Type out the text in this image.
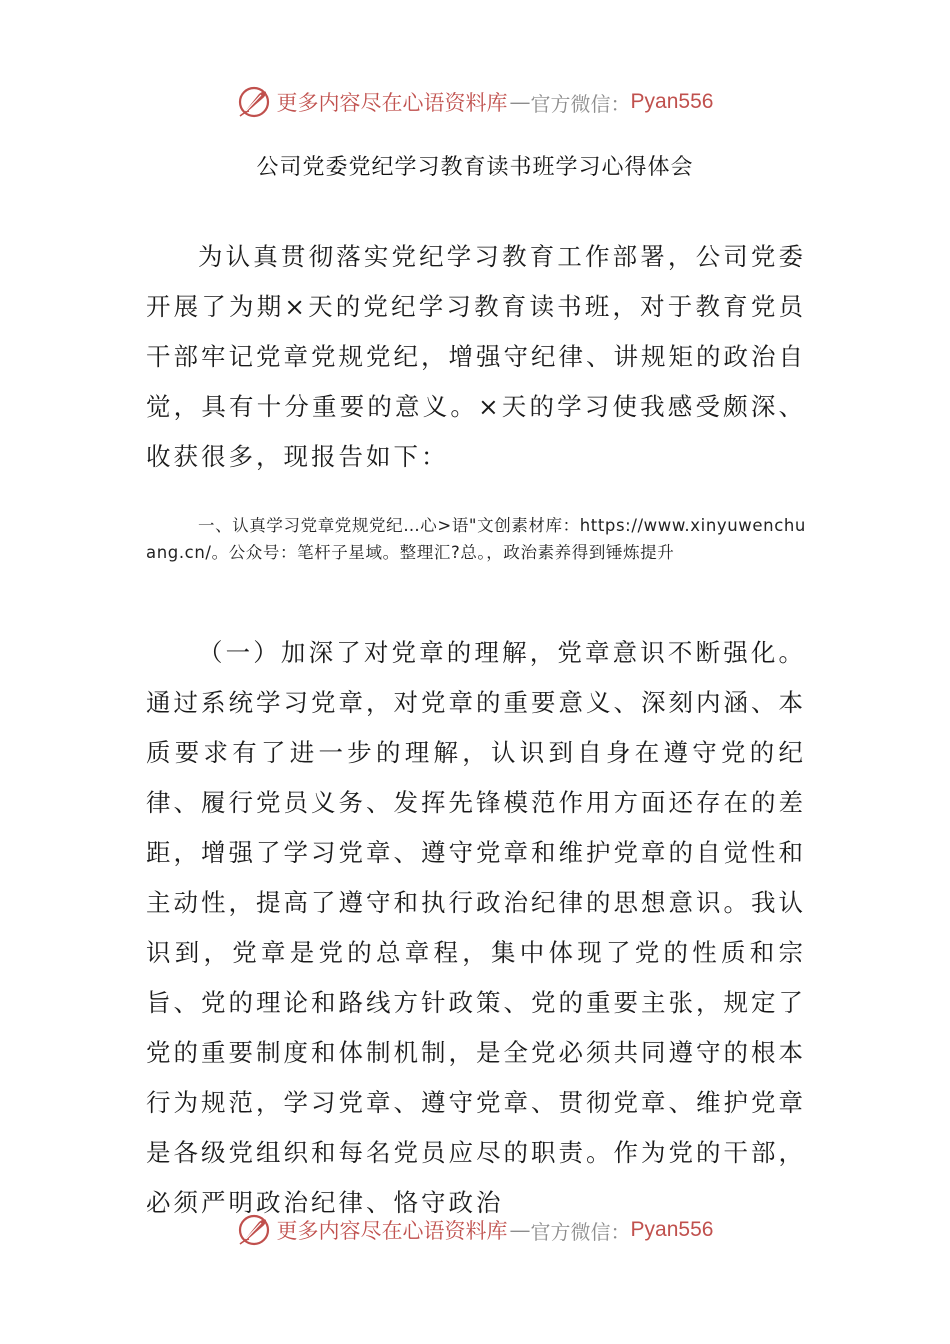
更多内容尽在心语资料库 — 官方微信： Pyan556
公司党委党纪学习教育读书班学习心得体会

为认真贯彻落实党纪学习教育工作部署，公司党委开展了为期×天的党纪学习教育读书班，对于教育党员干部牢记党章党规党纪，增强守纪律、讲规矩的政治自觉，具有十分重要的意义。×天的学习使我感受颇深、收获很多，现报告如下：

一、认真学习党章党规党纪…心>语"文创素材库：https://www.xinyuwenchuang.cn/。公众号：笔杆子星域。整理汇?总。，政治素养得到锤炼提升

（一）加深了对党章的理解，党章意识不断强化。通过系统学习党章，对党章的重要意义、深刻内涵、本质要求有了进一步的理解，认识到自身在遵守党的纪律、履行党员义务、发挥先锋模范作用方面还存在的差距，增强了学习党章、遵守党章和维护党章的自觉性和主动性，提高了遵守和执行政治纪律的思想意识。我认识到，党章是党的总章程，集中体现了党的性质和宗旨、党的理论和路线方针政策、党的重要主张，规定了党的重要制度和体制机制，是全党必须共同遵守的根本行为规范，学习党章、遵守党章、贯彻党章、维护党章是各级党组织和每名党员应尽的职责。作为党的干部，必须严明政治纪律、恪守政治

更多内容尽在心语资料库 — 官方微信： Pyan556
